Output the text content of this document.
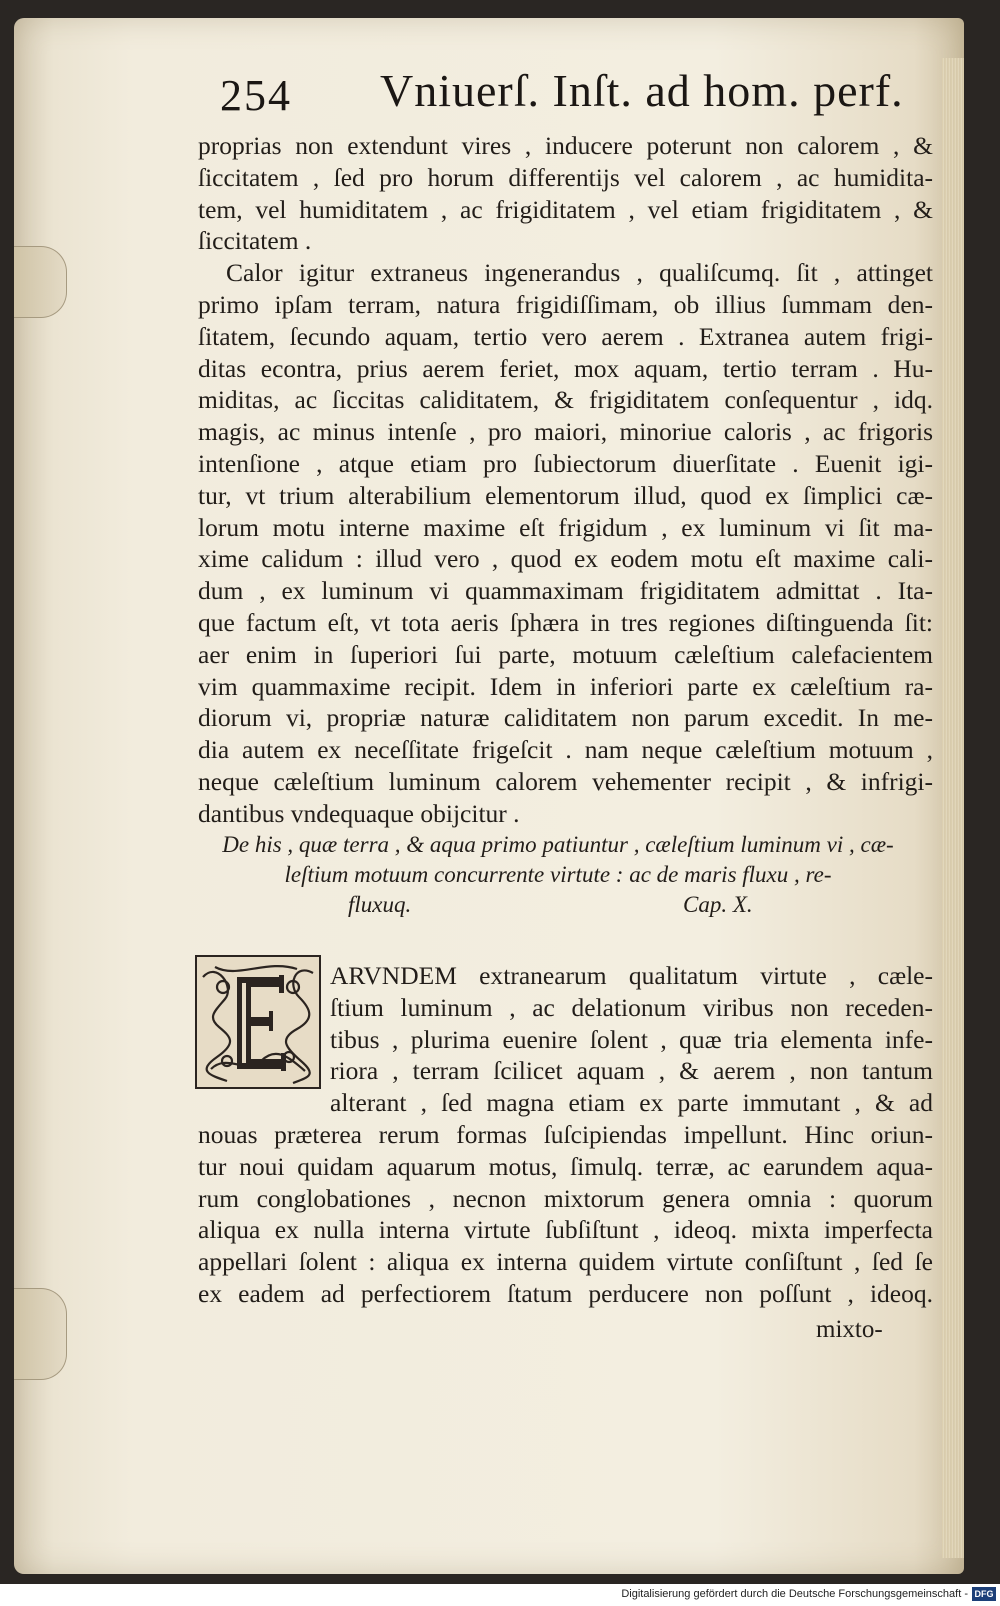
254 Vniuerſ. Inſt. ad hom. perf.
proprias non extendunt vires , inducere poterunt non calorem , &
ſiccitatem , ſed pro horum differentijs vel calorem , ac humidita-
tem, vel humiditatem , ac frigiditatem , vel etiam frigiditatem , &
ſiccitatem .
Calor igitur extraneus ingenerandus , qualiſcumq. ſit , attinget
primo ipſam terram, natura frigidiſſimam, ob illius ſummam den-
ſitatem, ſecundo aquam, tertio vero aerem . Extranea autem frigi-
ditas econtra, prius aerem feriet, mox aquam, tertio terram . Hu-
miditas, ac ſiccitas caliditatem, & frigiditatem conſequentur , idq.
magis, ac minus intenſe , pro maiori, minoriue caloris , ac frigoris
intenſione , atque etiam pro ſubiectorum diuerſitate . Euenit igi-
tur, vt trium alterabilium elementorum illud, quod ex ſimplici cæ-
lorum motu interne maxime eſt frigidum , ex luminum vi ſit ma-
xime calidum : illud vero , quod ex eodem motu eſt maxime cali-
dum , ex luminum vi quammaximam frigiditatem admittat . Ita-
que factum eſt, vt tota aeris ſphæra in tres regiones diſtinguenda ſit:
aer enim in ſuperiori ſui parte, motuum cæleſtium calefacientem
vim quammaxime recipit. Idem in inferiori parte ex cæleſtium ra-
diorum vi, propriæ naturæ caliditatem non parum excedit. In me-
dia autem ex neceſſitate frigeſcit . nam neque cæleſtium motuum ,
neque cæleſtium luminum calorem vehementer recipit , & infrigi-
dantibus vndequaque obijcitur .
De his , quæ terra , & aqua primo patiuntur , cæleſtium luminum vi , cæ-
leſtium motuum concurrente virtute : ac de maris fluxu , re-
fluxuq.	Cap. X.
ARVNDEM extranearum qualitatum virtute , cæle-
ſtium luminum , ac delationum viribus non receden-
tibus , plurima euenire ſolent , quæ tria elementa infe-
riora , terram ſcilicet aquam , & aerem , non tantum
alterant , ſed magna etiam ex parte immutant , & ad
nouas præterea rerum formas ſuſcipiendas impellunt. Hinc oriun-
tur noui quidam aquarum motus, ſimulq. terræ, ac earundem aqua-
rum conglobationes , necnon mixtorum genera omnia : quorum
aliqua ex nulla interna virtute ſubſiſtunt , ideoq. mixta imperfecta
appellari ſolent : aliqua ex interna quidem virtute conſiſtunt , ſed ſe
ex eadem ad perfectiorem ſtatum perducere non poſſunt , ideoq.
mixto-
Digitalisierung gefördert durch die Deutsche Forschungsgemeinschaft - DFG
